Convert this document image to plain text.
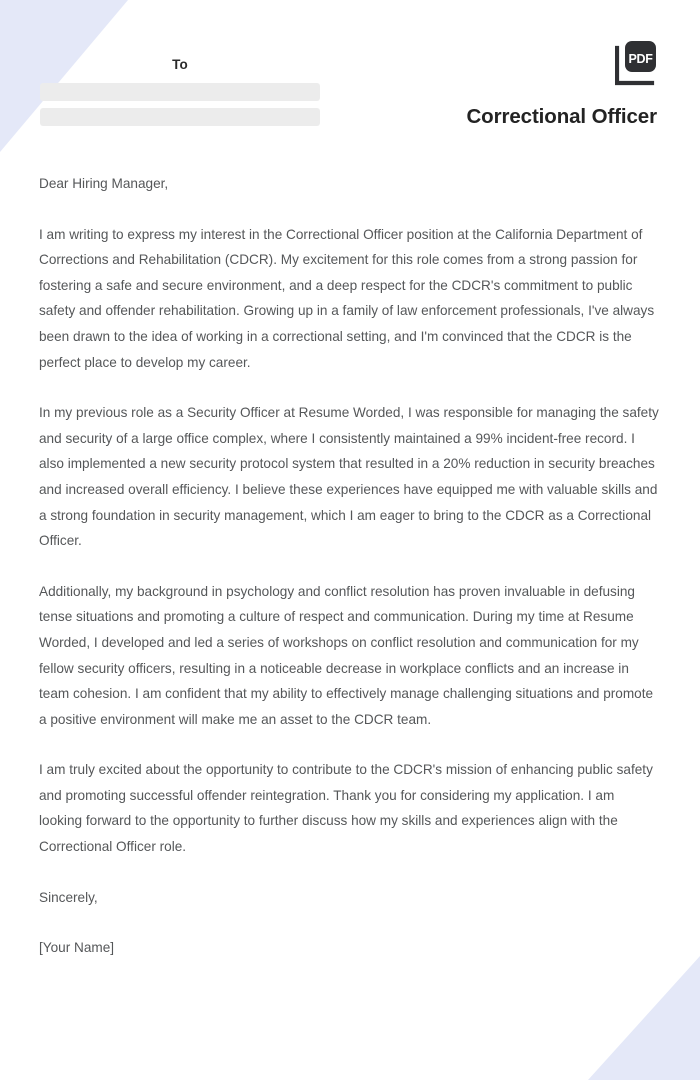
To	PDF
Correctional Officer

Dear Hiring Manager,

I am writing to express my interest in the Correctional Officer position at the California Department of Corrections and Rehabilitation (CDCR). My excitement for this role comes from a strong passion for fostering a safe and secure environment, and a deep respect for the CDCR's commitment to public safety and offender rehabilitation. Growing up in a family of law enforcement professionals, I've always been drawn to the idea of working in a correctional setting, and I'm convinced that the CDCR is the perfect place to develop my career.

In my previous role as a Security Officer at Resume Worded, I was responsible for managing the safety and security of a large office complex, where I consistently maintained a 99% incident-free record. I also implemented a new security protocol system that resulted in a 20% reduction in security breaches and increased overall efficiency. I believe these experiences have equipped me with valuable skills and a strong foundation in security management, which I am eager to bring to the CDCR as a Correctional Officer.

Additionally, my background in psychology and conflict resolution has proven invaluable in defusing tense situations and promoting a culture of respect and communication. During my time at Resume Worded, I developed and led a series of workshops on conflict resolution and communication for my fellow security officers, resulting in a noticeable decrease in workplace conflicts and an increase in team cohesion. I am confident that my ability to effectively manage challenging situations and promote a positive environment will make me an asset to the CDCR team.

I am truly excited about the opportunity to contribute to the CDCR's mission of enhancing public safety and promoting successful offender reintegration. Thank you for considering my application. I am looking forward to the opportunity to further discuss how my skills and experiences align with the Correctional Officer role.

Sincerely,

[Your Name]
